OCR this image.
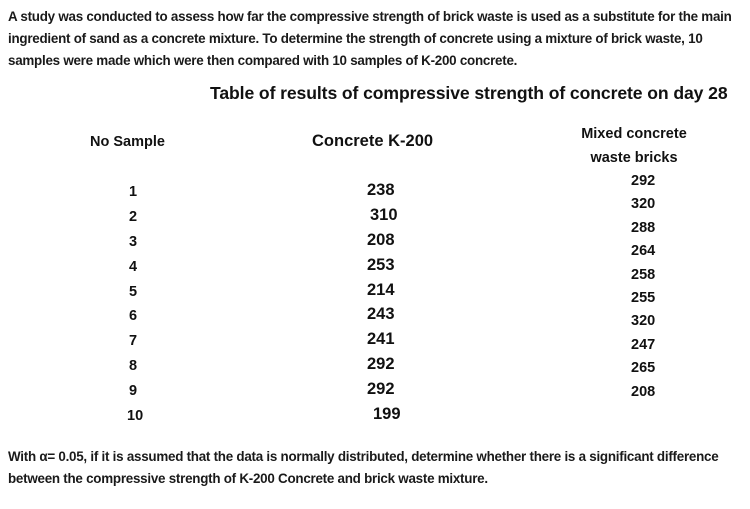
A study was conducted to assess how far the compressive strength of brick waste is used as a substitute for the main ingredient of sand as a concrete mixture. To determine the strength of concrete using a mixture of brick waste, 10 samples were made which were then compared with 10 samples of K-200 concrete.

Table of results of compressive strength of concrete on day 28
No Sample	Concrete K-200	Mixed concrete
waste bricks
1
2
3
4
5
6
7
8
9
10
238
310
208
253
214
243
241
292
292
199
292
320
288
264
258
255
320
247
265
208

With α= 0.05, if it is assumed that the data is normally distributed, determine whether there is a significant difference between the compressive strength of K-200 Concrete and brick waste mixture.
